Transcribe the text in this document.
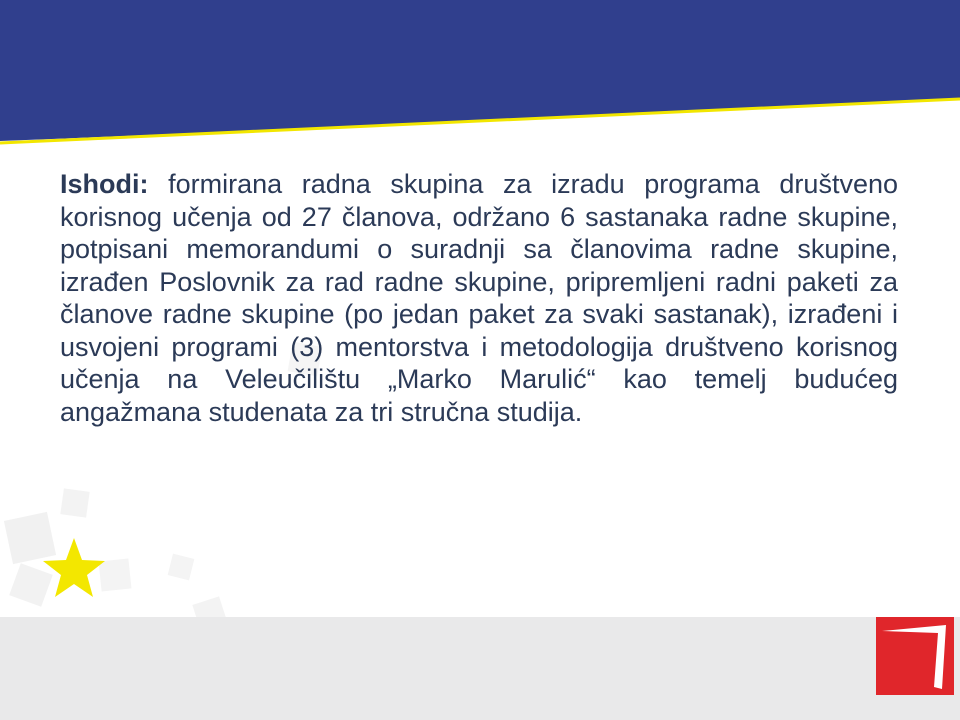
Ishodi: formirana radna skupina za izradu programa društveno korisnog učenja od 27 članova, održano 6 sastanaka radne skupine, potpisani memorandumi o suradnji sa članovima radne skupine, izrađen Poslovnik za rad radne skupine, pripremljeni radni paketi za članove radne skupine (po jedan paket za svaki sastanak), izrađeni i usvojeni programi (3) mentorstva i metodologija društveno korisnog učenja na Veleučilištu „Marko Marulić“ kao temelj budućeg angažmana studenata za tri stručna studija.
